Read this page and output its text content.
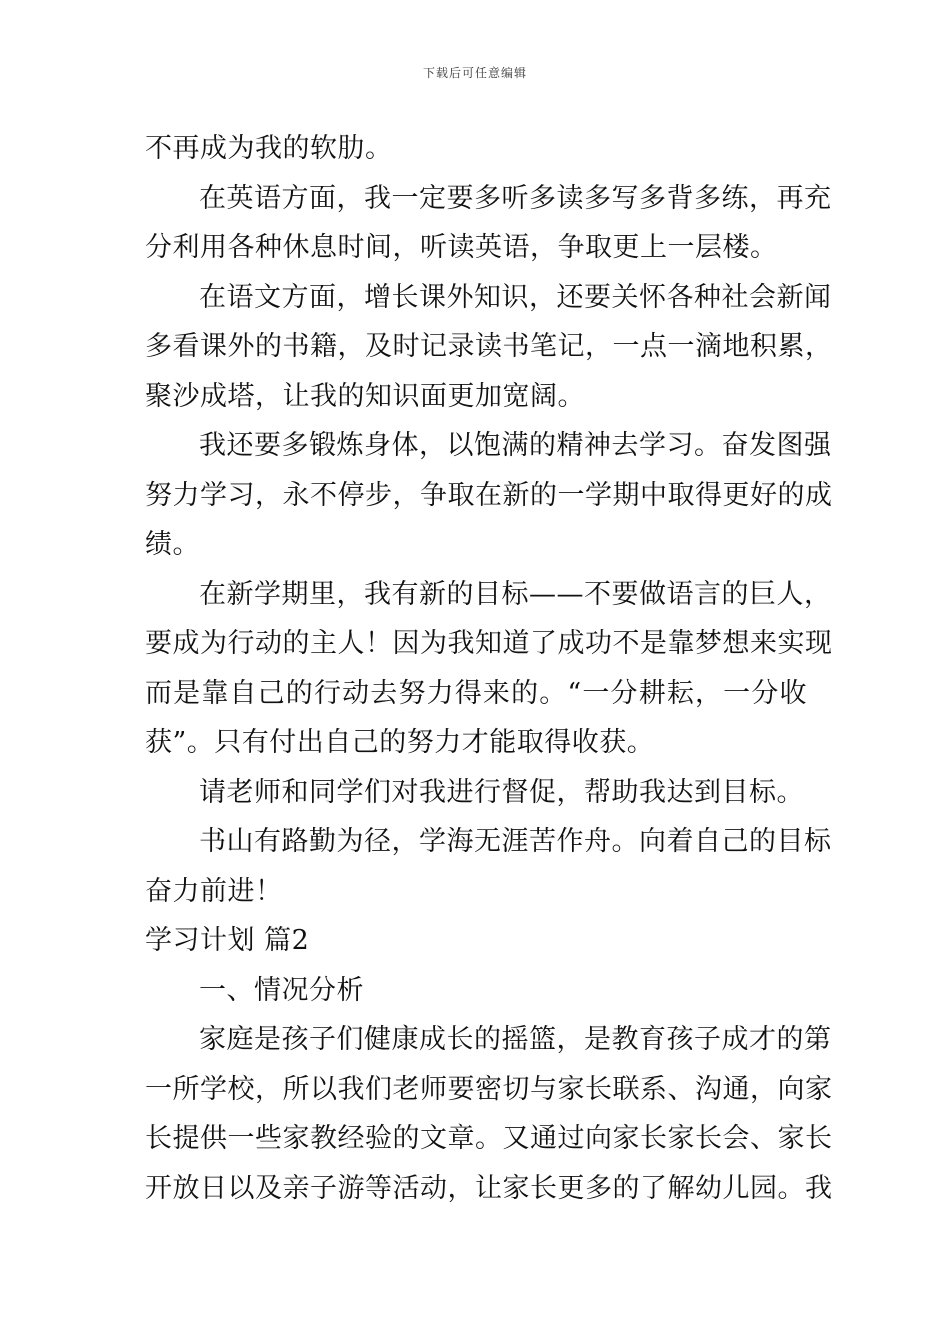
下载后可任意编辑
不再成为我的软肋。
在英语方面，我一定要多听多读多写多背多练，再充
分利用各种休息时间，听读英语，争取更上一层楼。
在语文方面，增长课外知识，还要关怀各种社会新闻
多看课外的书籍，及时记录读书笔记，一点一滴地积累，
聚沙成塔，让我的知识面更加宽阔。
我还要多锻炼身体，以饱满的精神去学习。奋发图强
努力学习，永不停步，争取在新的一学期中取得更好的成
绩。
在新学期里，我有新的目标——不要做语言的巨人，
要成为行动的主人！因为我知道了成功不是靠梦想来实现
而是靠自己的行动去努力得来的。“一分耕耘，一分收
获”。只有付出自己的努力才能取得收获。
请老师和同学们对我进行督促，帮助我达到目标。
书山有路勤为径，学海无涯苦作舟。向着自己的目标
奋力前进！
学习计划 篇2
一、情况分析
家庭是孩子们健康成长的摇篮，是教育孩子成才的第
一所学校，所以我们老师要密切与家长联系、沟通，向家
长提供一些家教经验的文章。又通过向家长家长会、家长
开放日以及亲子游等活动，让家长更多的了解幼儿园。我
